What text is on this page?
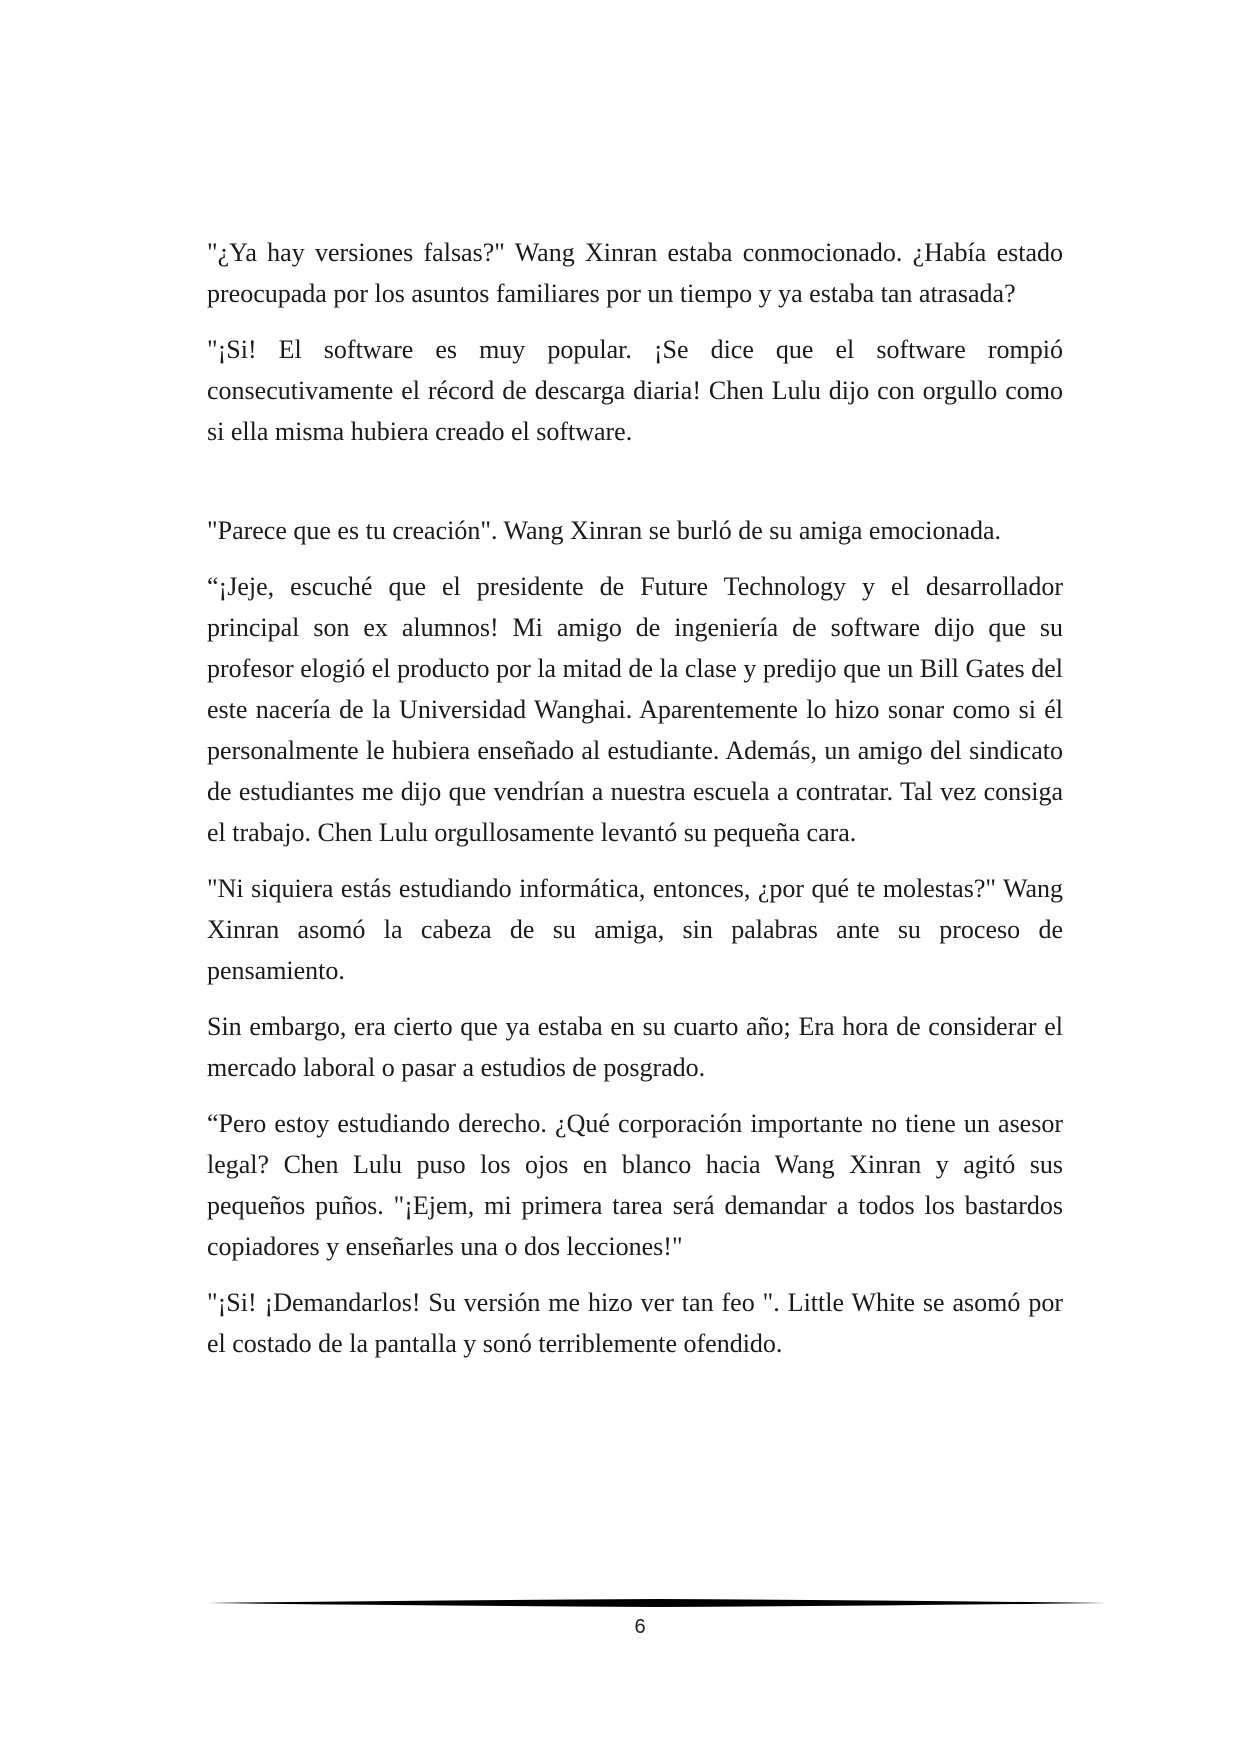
"¿Ya hay versiones falsas?" Wang Xinran estaba conmocionado. ¿Había estado preocupada por los asuntos familiares por un tiempo y ya estaba tan atrasada?

"¡Si! El software es muy popular. ¡Se dice que el software rompió consecutivamente el récord de descarga diaria! Chen Lulu dijo con orgullo como si ella misma hubiera creado el software.

"Parece que es tu creación". Wang Xinran se burló de su amiga emocionada.

“¡Jeje, escuché que el presidente de Future Technology y el desarrollador principal son ex alumnos! Mi amigo de ingeniería de software dijo que su profesor elogió el producto por la mitad de la clase y predijo que un Bill Gates del este nacería de la Universidad Wanghai. Aparentemente lo hizo sonar como si él personalmente le hubiera enseñado al estudiante. Además, un amigo del sindicato de estudiantes me dijo que vendrían a nuestra escuela a contratar. Tal vez consiga el trabajo. Chen Lulu orgullosamente levantó su pequeña cara.

"Ni siquiera estás estudiando informática, entonces, ¿por qué te molestas?" Wang Xinran asomó la cabeza de su amiga, sin palabras ante su proceso de pensamiento.

Sin embargo, era cierto que ya estaba en su cuarto año; Era hora de considerar el mercado laboral o pasar a estudios de posgrado.

“Pero estoy estudiando derecho. ¿Qué corporación importante no tiene un asesor legal? Chen Lulu puso los ojos en blanco hacia Wang Xinran y agitó sus pequeños puños. "¡Ejem, mi primera tarea será demandar a todos los bastardos copiadores y enseñarles una o dos lecciones!"

"¡Si! ¡Demandarlos! Su versión me hizo ver tan feo ". Little White se asomó por el costado de la pantalla y sonó terriblemente ofendido.

6
